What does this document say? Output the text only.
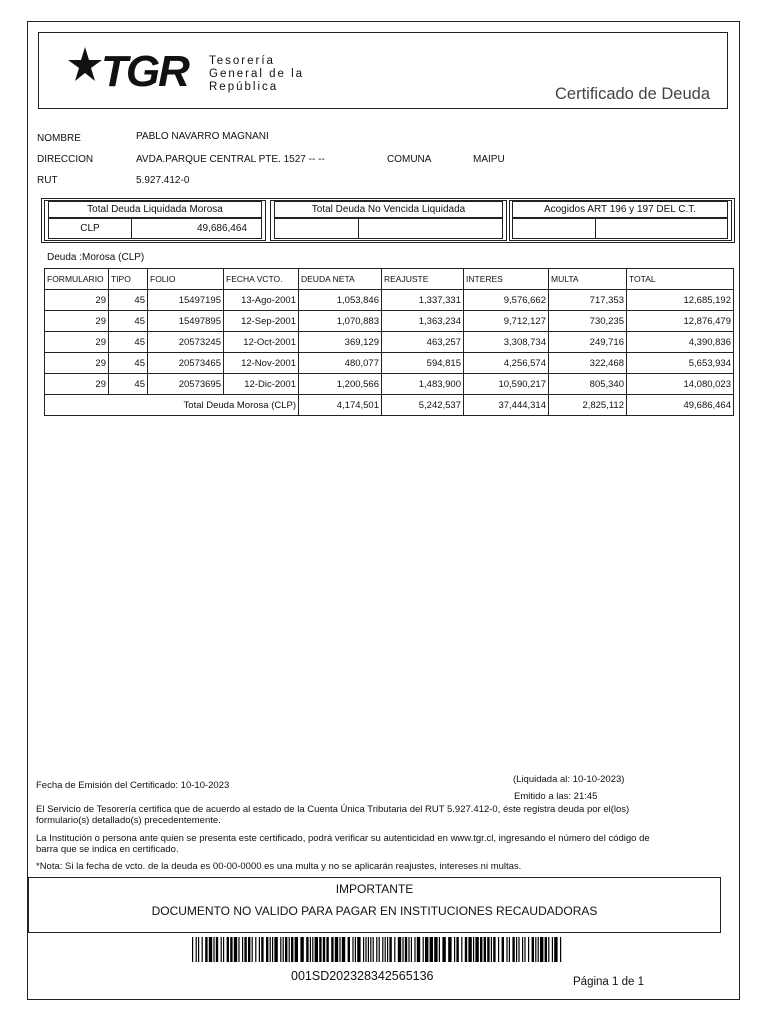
TGR Tesorería
General de la
República	Certificado de Deuda
NOMBRE	PABLO NAVARRO MAGNANI
DIRECCION	AVDA.PARQUE CENTRAL PTE. 1527 -- --	COMUNA	MAIPU
RUT	5.927.412-0
Total Deuda Liquidada Morosa
CLP	49,686,464
Total Deuda No Vencida Liquidada	Acogidos ART 196 y 197 DEL C.T.
Deuda :Morosa (CLP)
FORMULARIO	TIPO	FOLIO	FECHA VCTO.	DEUDA NETA	REAJUSTE	INTERES	MULTA	TOTAL
29	45	15497195	13-Ago-2001	1,053,846	1,337,331	9,576,662	717,353	12,685,192
29	45	15497895	12-Sep-2001	1,070,883	1,363,234	9,712,127	730,235	12,876,479
29	45	20573245	12-Oct-2001	369,129	463,257	3,308,734	249,716	4,390,836
29	45	20573465	12-Nov-2001	480,077	594,815	4,256,574	322,468	5,653,934
29	45	20573695	12-Dic-2001	1,200,566	1,483,900	10,590,217	805,340	14,080,023
Total Deuda Morosa (CLP)				4,174,501	5,242,537	37,444,314	2,825,112	49,686,464
(Liquidada al: 10-10-2023)
Fecha de Emisión del Certificado: 10-10-2023
Emitido a las: 21:45
El Servicio de Tesorería certifica que de acuerdo al estado de la Cuenta Única Tributaria del RUT 5.927.412-0, éste registra deuda por el(los)
formulario(s) detallado(s) precedentemente.
La Institución o persona ante quien se presenta este certificado, podrá verificar su autenticidad en www.tgr.cl, ingresando el número del código de
barra que se indica en certificado.
*Nota: Si la fecha de vcto. de la deuda es 00-00-0000 es una multa y no se aplicarán reajustes, intereses ni multas.
IMPORTANTE
DOCUMENTO NO VALIDO PARA PAGAR EN INSTITUCIONES RECAUDADORAS
001SD202328342565136	Página 1 de 1
